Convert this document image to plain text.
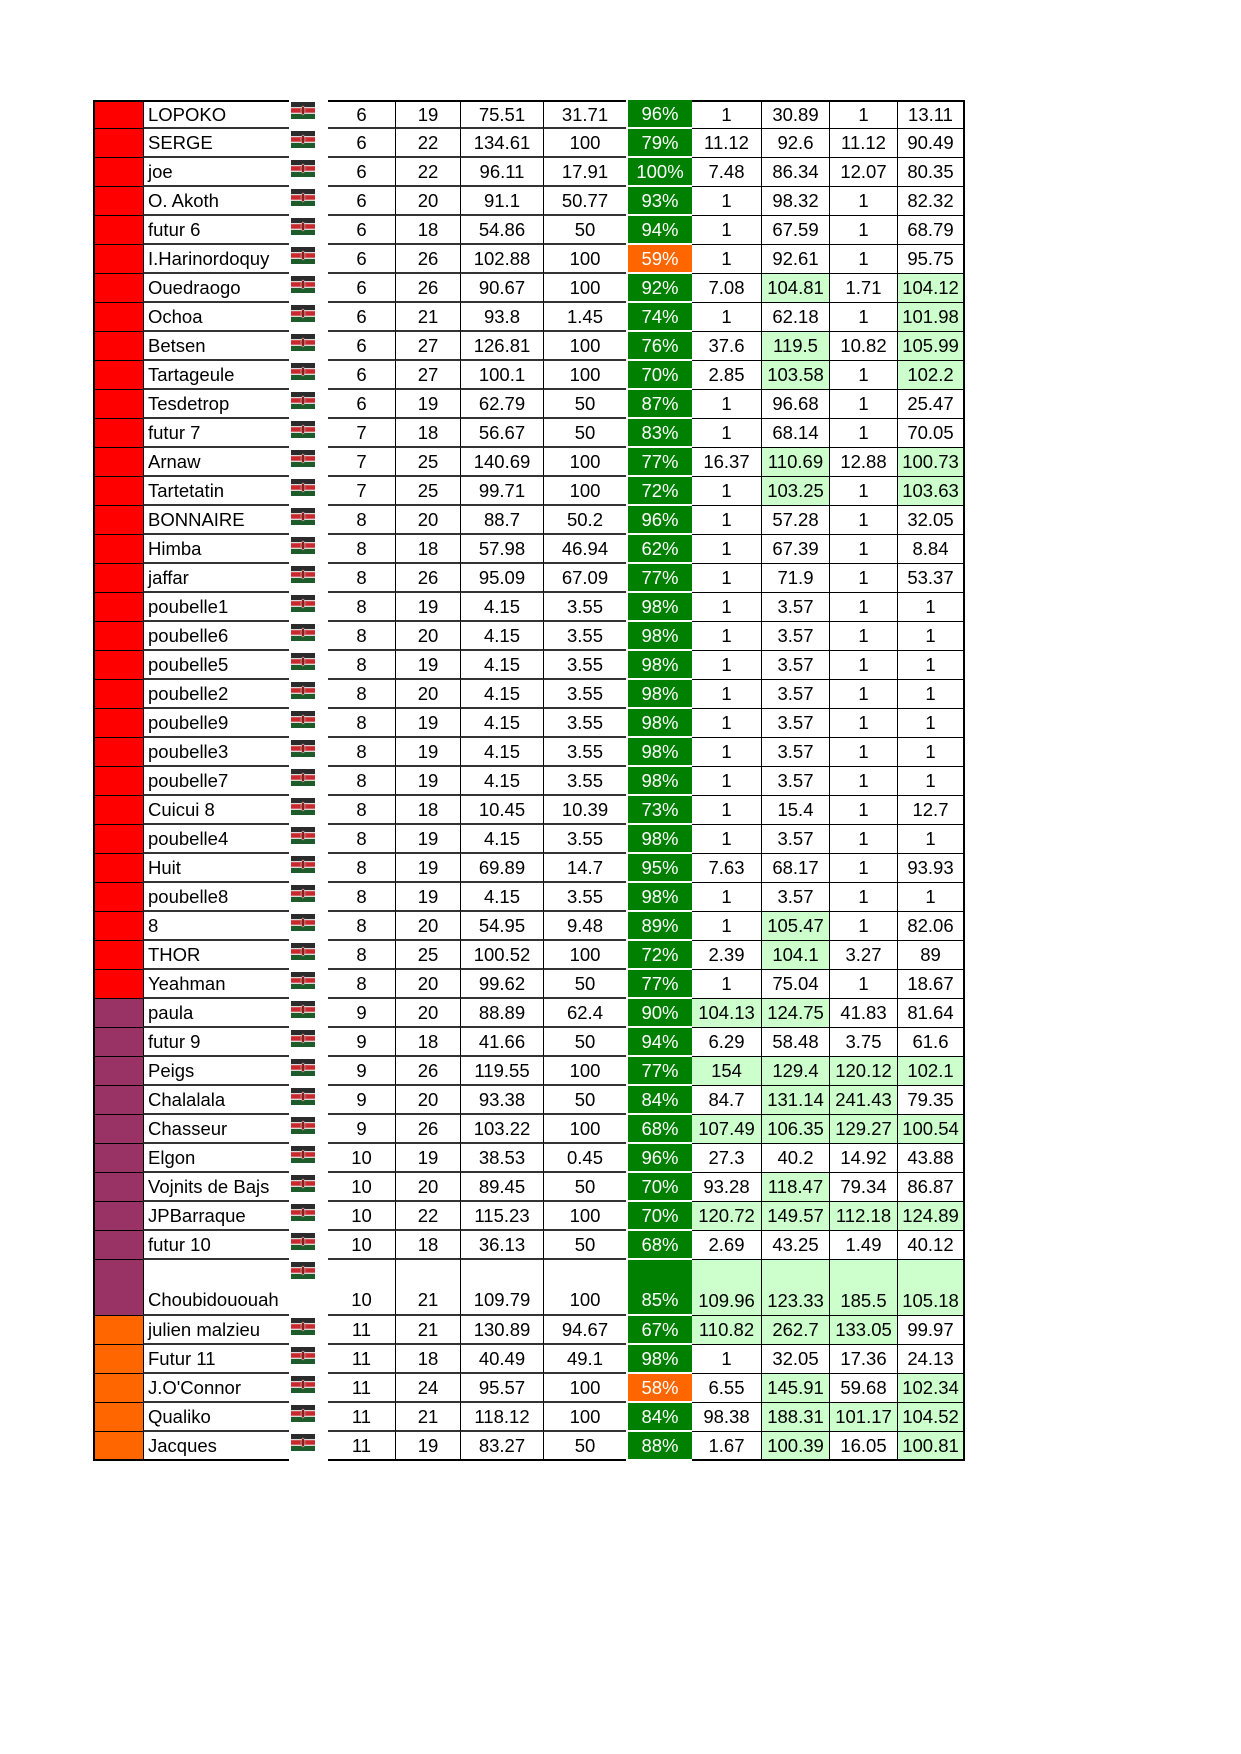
LOPOKO	6	19	75.51	31.71	96%	1	30.89	1	13.11
SERGE	6	22	134.61	100	79%	11.12	92.6	11.12	90.49
joe	6	22	96.11	17.91	100%	7.48	86.34	12.07	80.35
O. Akoth	6	20	91.1	50.77	93%	1	98.32	1	82.32
futur 6	6	18	54.86	50	94%	1	67.59	1	68.79
I.Harinordoquy	6	26	102.88	100	59%	1	92.61	1	95.75
Ouedraogo	6	26	90.67	100	92%	7.08	104.81	1.71	104.12
Ochoa	6	21	93.8	1.45	74%	1	62.18	1	101.98
Betsen	6	27	126.81	100	76%	37.6	119.5	10.82 105.99
Tartageule	6	27	100.1	100	70%	2.85	103.58	1	102.2
Tesdetrop	6	19	62.79	50	87%	1	96.68	1	25.47
futur 7	7	18	56.67	50	83%	1	68.14	1	70.05
Arnaw	7	25	140.69	100	77%	16.37 110.69 12.88 100.73
Tartetatin	7	25	99.71	100	72%	1	103.25	1	103.63
BONNAIRE	8	20	88.7	50.2	96%	1	57.28	1	32.05
Himba	8	18	57.98	46.94	62%	1	67.39	1	8.84
jaffar	8	26	95.09	67.09	77%	1	71.9	1	53.37
poubelle1	8	19	4.15	3.55	98%	1	3.57	1	1
poubelle6	8	20	4.15	3.55	98%	1	3.57	1	1
poubelle5	8	19	4.15	3.55	98%	1	3.57	1	1
poubelle2	8	20	4.15	3.55	98%	1	3.57	1	1
poubelle9	8	19	4.15	3.55	98%	1	3.57	1	1
poubelle3	8	19	4.15	3.55	98%	1	3.57	1	1
poubelle7	8	19	4.15	3.55	98%	1	3.57	1	1
Cuicui 8	8	18	10.45	10.39	73%	1	15.4	1	12.7
poubelle4	8	19	4.15	3.55	98%	1	3.57	1	1
Huit	8	19	69.89	14.7	95%	7.63	68.17	1	93.93
poubelle8	8	19	4.15	3.55	98%	1	3.57	1	1
8	8	20	54.95	9.48	89%	1	105.47	1	82.06
THOR	8	25	100.52	100	72%	2.39	104.1	3.27	89
Yeahman	8	20	99.62	50	77%	1	75.04	1	18.67
paula	9	20	88.89	62.4	90%	104.13 124.75 41.83	81.64
futur 9	9	18	41.66	50	94%	6.29	58.48	3.75	61.6
Peigs	9	26	119.55	100	77%	154	129.4 120.12 102.1
Chalalala	9	20	93.38	50	84%	84.7	131.14 241.43 79.35
Chasseur	9	26	103.22	100	68%	107.49 106.35 129.27 100.54
Elgon	10	19	38.53	0.45	96%	27.3	40.2	14.92	43.88
Vojnits de Bajs	10	20	89.45	50	70%	93.28 118.47 79.34	86.87
JPBarraque	10	22	115.23	100	70%	120.72 149.57 112.18 124.89
futur 10	10	18	36.13	50	68%	2.69	43.25	1.49	40.12
Choubidououah	10	21	109.79	100	85%	109.96 123.33 185.5 105.18
julien malzieu	11	21	130.89	94.67	67%	110.82 262.7 133.05 99.97
Futur 11	11	18	40.49	49.1	98%	1	32.05	17.36	24.13
J.O'Connor	11	24	95.57	100	58%	6.55	145.91 59.68 102.34
Qualiko	11	21	118.12	100	84%	98.38 188.31 101.17 104.52
Jacques	11	19	83.27	50	88%	1.67	100.39 16.05 100.81
